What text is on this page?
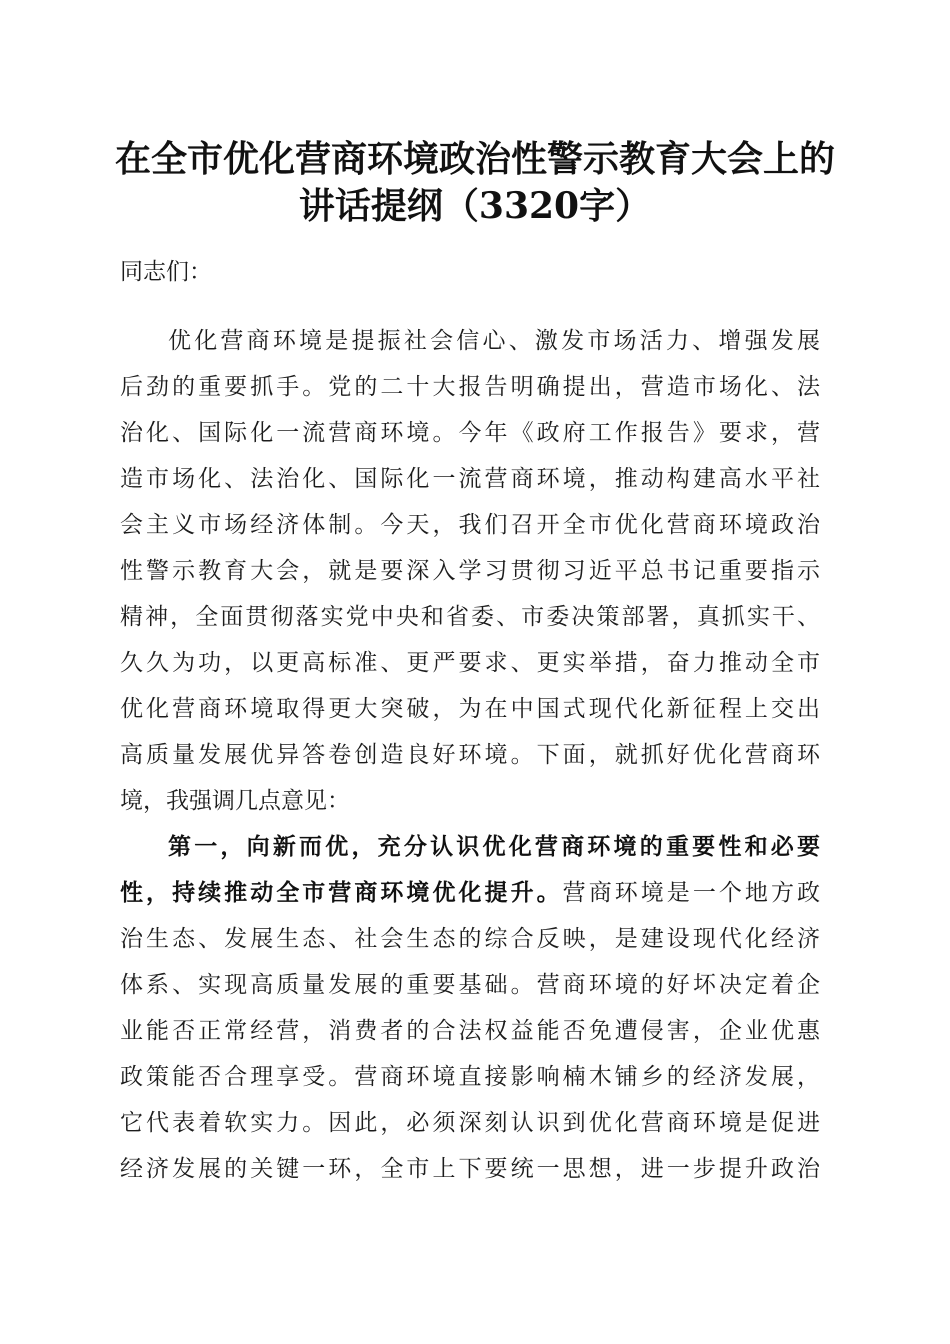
在全市优化营商环境政治性警示教育大会上的
讲话提纲（3320字）
同志们：
优化营商环境是提振社会信心、激发市场活力、增强发展
后劲的重要抓手。党的二十大报告明确提出，营造市场化、法
治化、国际化一流营商环境。今年《政府工作报告》要求，营
造市场化、法治化、国际化一流营商环境，推动构建高水平社
会主义市场经济体制。今天，我们召开全市优化营商环境政治
性警示教育大会，就是要深入学习贯彻习近平总书记重要指示
精神，全面贯彻落实党中央和省委、市委决策部署，真抓实干、
久久为功，以更高标准、更严要求、更实举措，奋力推动全市
优化营商环境取得更大突破，为在中国式现代化新征程上交出
高质量发展优异答卷创造良好环境。下面，就抓好优化营商环
境，我强调几点意见：
第一，向新而优，充分认识优化营商环境的重要性和必要
性，持续推动全市营商环境优化提升。营商环境是一个地方政
治生态、发展生态、社会生态的综合反映，是建设现代化经济
体系、实现高质量发展的重要基础。营商环境的好坏决定着企
业能否正常经营，消费者的合法权益能否免遭侵害，企业优惠
政策能否合理享受。营商环境直接影响楠木铺乡的经济发展，
它代表着软实力。因此，必须深刻认识到优化营商环境是促进
经济发展的关键一环，全市上下要统一思想，进一步提升政治
